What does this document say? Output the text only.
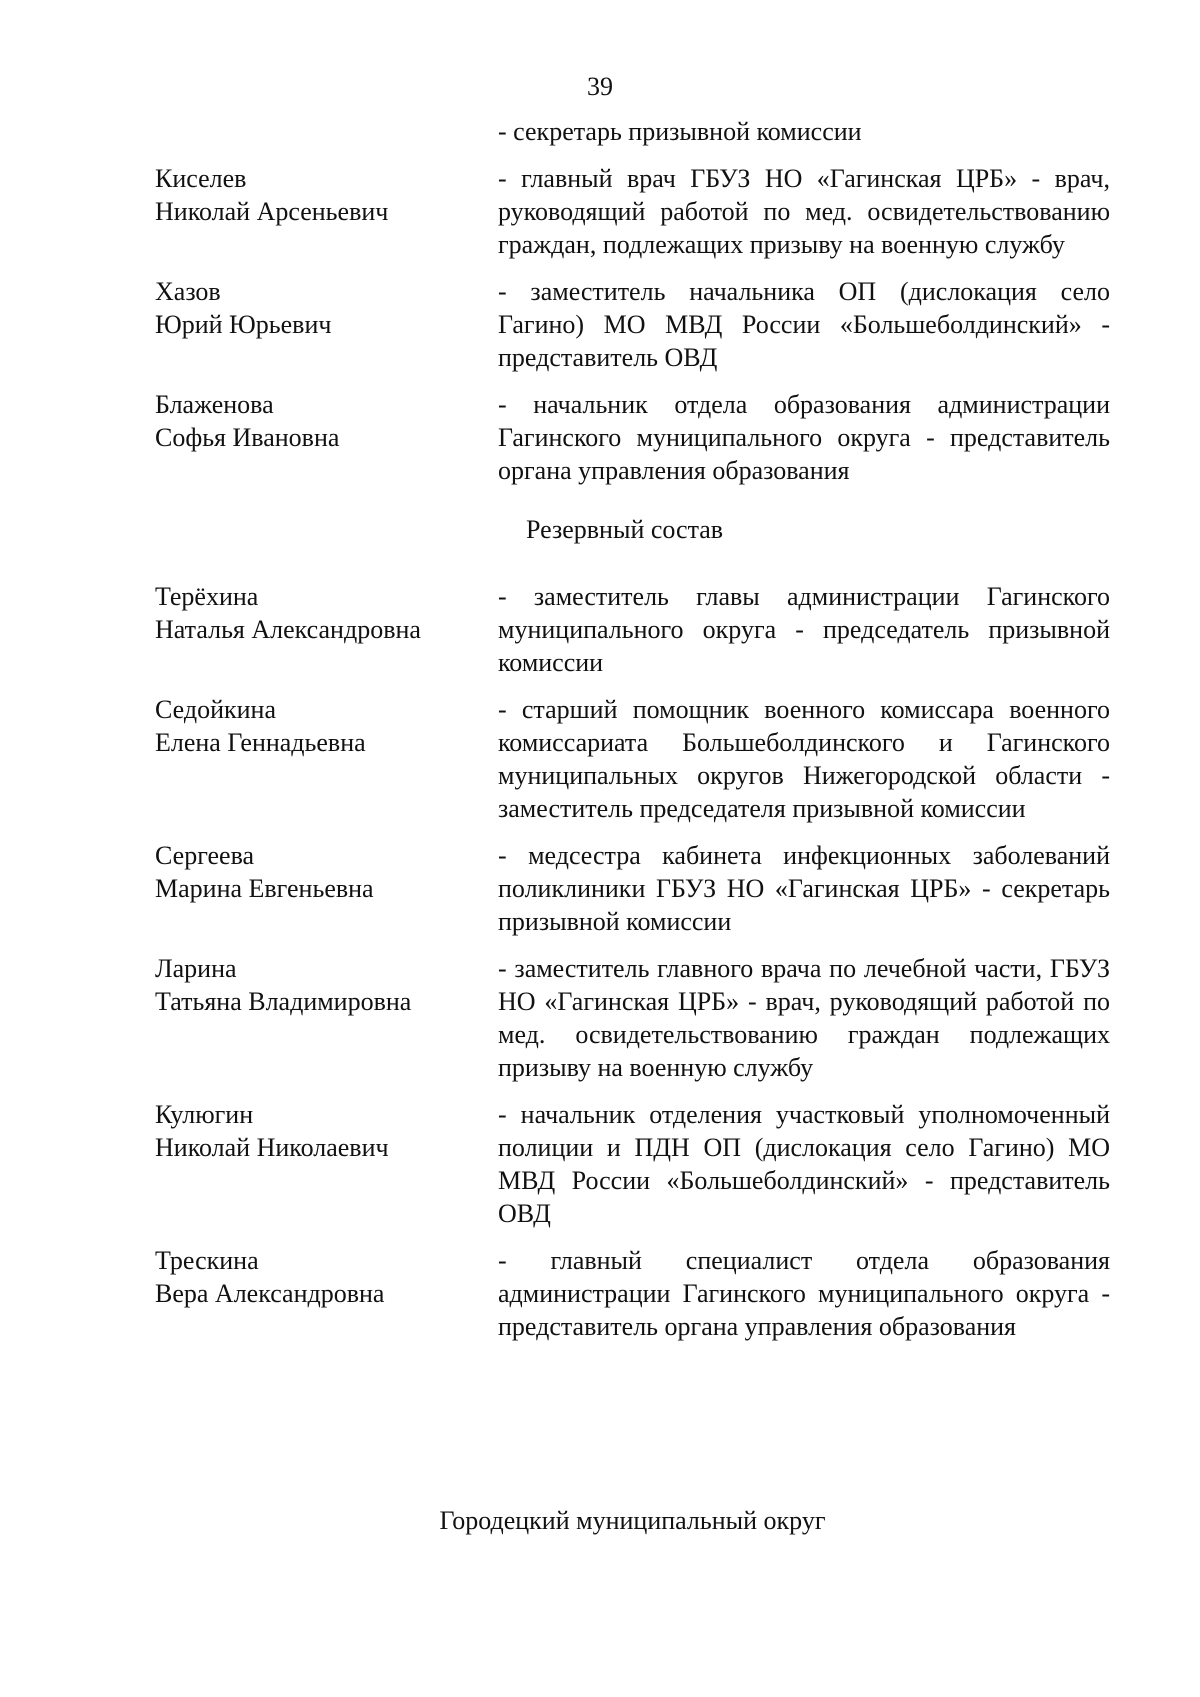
39
- секретарь призывной комиссии
Киселев
Николай Арсеньевич
- главный врач ГБУЗ НО «Гагинская ЦРБ» - врач, руководящий работой по мед. освидетельствованию граждан, подлежащих призыву на военную службу
Хазов
Юрий Юрьевич
- заместитель начальника ОП (дислокация село Гагино) МО МВД России «Большеболдинский» - представитель ОВД
Блаженова
Софья Ивановна
- начальник отдела образования администрации Гагинского муниципального округа - представитель органа управления образования
Резервный состав
Терёхина
Наталья Александровна
- заместитель главы администрации Гагинского муниципального округа - председатель призывной комиссии
Седойкина
Елена Геннадьевна
- старший помощник военного комиссара военного комиссариата Большеболдинского и Гагинского муниципальных округов Нижегородской области - заместитель председателя призывной комиссии
Сергеева
Марина Евгеньевна
- медсестра кабинета инфекционных заболеваний поликлиники ГБУЗ НО «Гагинская ЦРБ» - секретарь призывной комиссии
Ларина
Татьяна Владимировна
- заместитель главного врача по лечебной части, ГБУЗ НО «Гагинская ЦРБ» - врач, руководящий работой по мед. освидетельствованию граждан подлежащих призыву на военную службу
Кулюгин
Николай Николаевич
- начальник отделения участковый уполномоченный полиции и ПДН ОП (дислокация село Гагино) МО МВД России «Большеболдинский» - представитель ОВД
Трескина
Вера Александровна
- главный специалист отдела образования администрации Гагинского муниципального округа - представитель органа управления образования
Городецкий муниципальный округ
